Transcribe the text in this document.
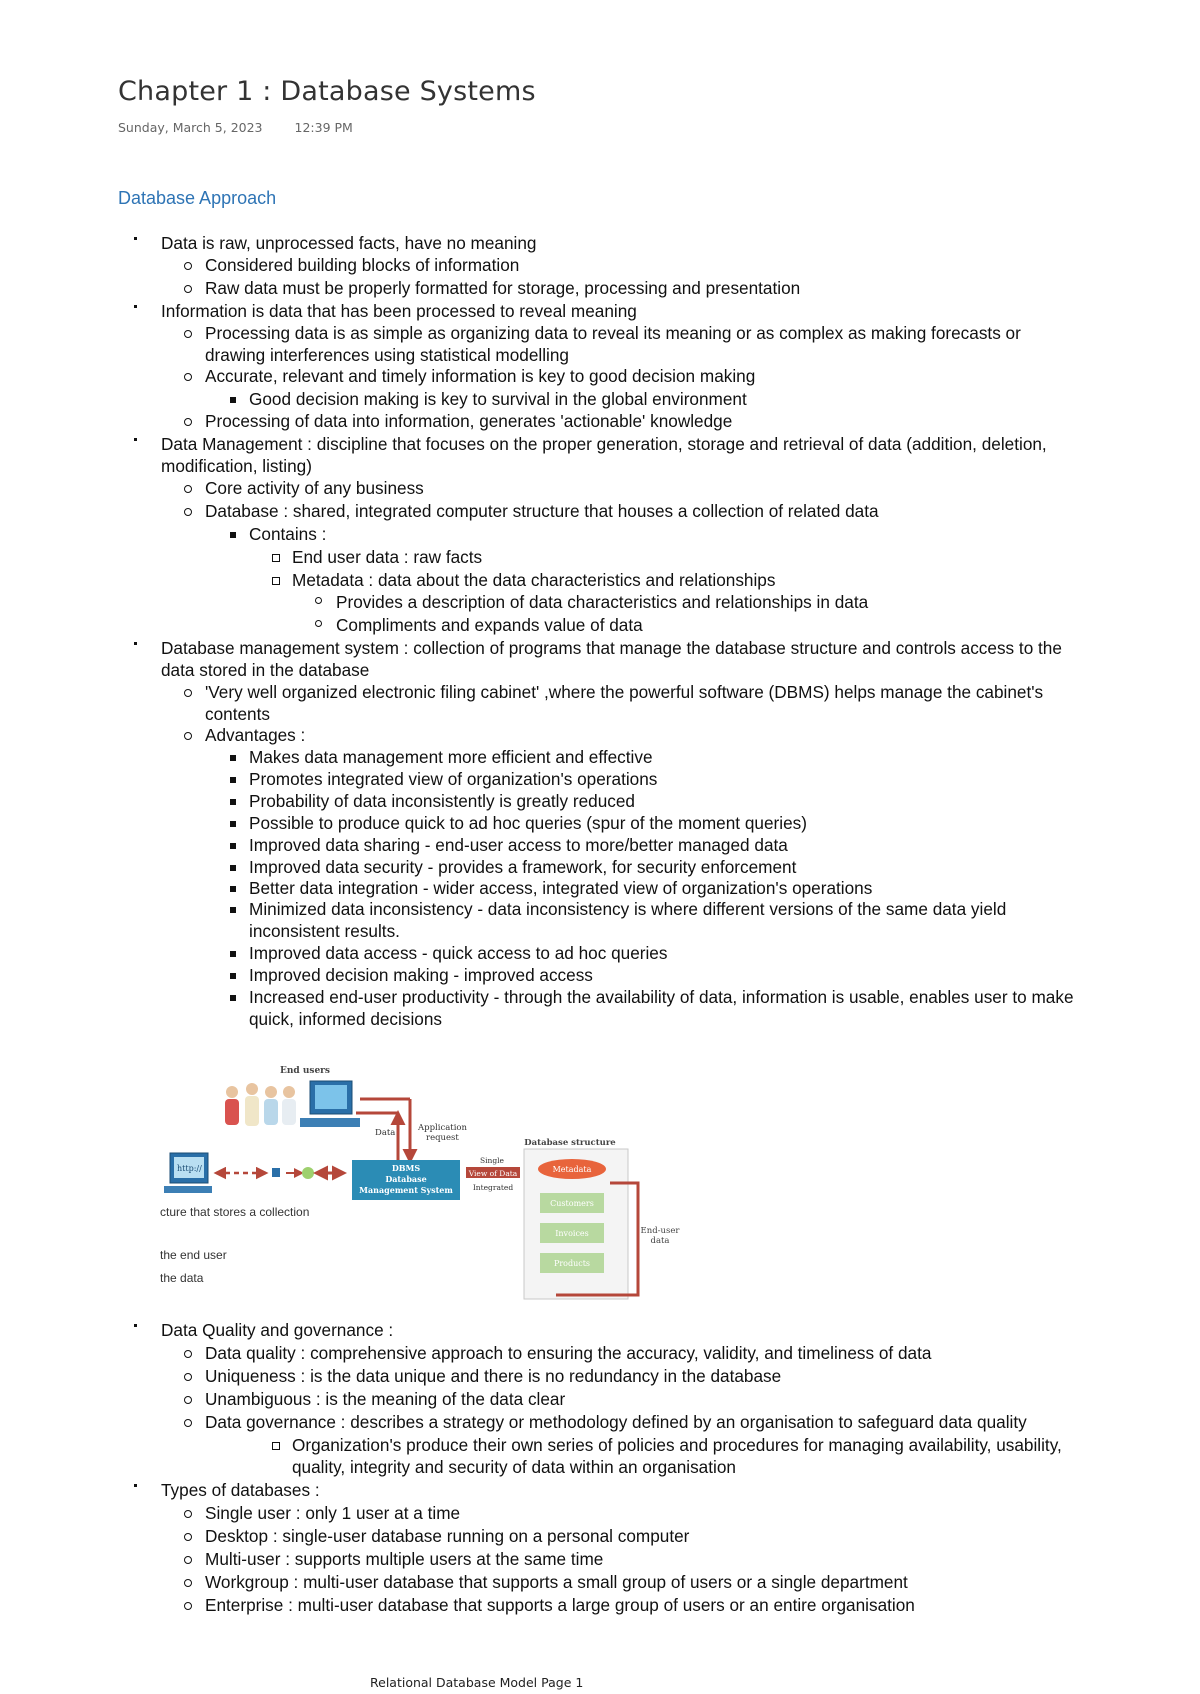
Chapter 1 : Database Systems
Sunday, March 5, 2023	12:39 PM
Database Approach
Data is raw, unprocessed facts, have no meaning
Considered building blocks of information
Raw data must be properly formatted for storage, processing and presentation
Information is data that has been processed to reveal meaning
Processing data is as simple as organizing data to reveal its meaning or as complex as making forecasts or
drawing interferences using statistical modelling
Accurate, relevant and timely information is key to good decision making
Good decision making is key to survival in the global environment
Processing of data into information, generates 'actionable' knowledge
Data Management : discipline that focuses on the proper generation, storage and retrieval of data (addition, deletion,
modification, listing)
Core activity of any business
Database : shared, integrated computer structure that houses a collection of related data
Contains :
End user data : raw facts
Metadata : data about the data characteristics and relationships
Provides a description of data characteristics and relationships in data
Compliments and expands value of data
Database management system : collection of programs that manage the database structure and controls access to the
data stored in the database
'Very well organized electronic filing cabinet' ,where the powerful software (DBMS) helps manage the cabinet's
contents
Advantages :
Makes data management more efficient and effective
Promotes integrated view of organization's operations
Probability of data inconsistently is greatly reduced
Possible to produce quick to ad hoc queries (spur of the moment queries)
Improved data sharing - end-user access to more/better managed data
Improved data security - provides a framework, for security enforcement
Better data integration - wider access, integrated view of organization's operations
Minimized data inconsistency - data inconsistency is where different versions of the same data yield
inconsistent results.
Improved data access - quick access to ad hoc queries
Improved decision making - improved access
Increased end-user productivity - through the availability of data, information is usable, enables user to make
quick, informed decisions
Data Quality and governance :
Data quality : comprehensive approach to ensuring the accuracy, validity, and timeliness of data
Uniqueness : is the data unique and there is no redundancy in the database
Unambiguous : is the meaning of the data clear
Data governance : describes a strategy or methodology defined by an organisation to safeguard data quality
Organization's produce their own series of policies and procedures for managing availability, usability,
quality, integrity and security of data within an organisation
Types of databases :
Single user : only 1 user at a time
Desktop : single-user database running on a personal computer
Multi-user : supports multiple users at the same time
Workgroup : multi-user database that supports a small group of users or a single department
Enterprise : multi-user database that supports a large group of users or an entire organisation
End users
Data	Application
request
http://	DBMS
Database
Management System
Single
View of Data
Integrated
Database structure
Metadata
Customers
Invoices
Products
End-user
data
cture that stores a collection
the end user
the data
Relational Database Model Page 1
